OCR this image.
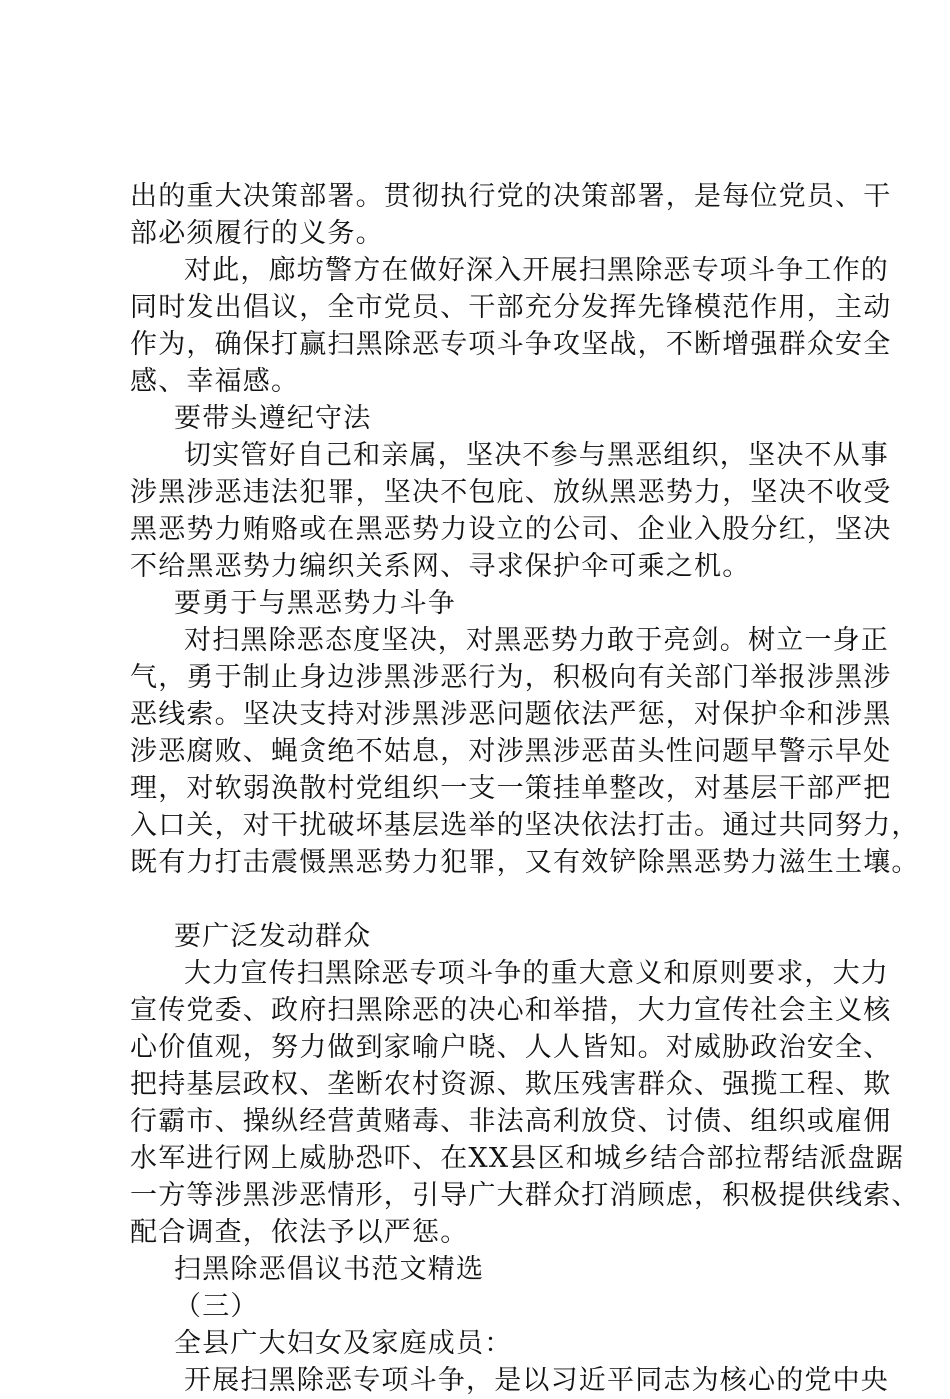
出的重大决策部署。贯彻执行党的决策部署，是每位党员、干
部必须履行的义务。
对此，廊坊警方在做好深入开展扫黑除恶专项斗争工作的
同时发出倡议，全市党员、干部充分发挥先锋模范作用，主动
作为，确保打赢扫黑除恶专项斗争攻坚战，不断增强群众安全
感、幸福感。
要带头遵纪守法
切实管好自己和亲属，坚决不参与黑恶组织，坚决不从事
涉黑涉恶违法犯罪，坚决不包庇、放纵黑恶势力，坚决不收受
黑恶势力贿赂或在黑恶势力设立的公司、企业入股分红，坚决
不给黑恶势力编织关系网、寻求保护伞可乘之机。
要勇于与黑恶势力斗争
对扫黑除恶态度坚决，对黑恶势力敢于亮剑。树立一身正
气，勇于制止身边涉黑涉恶行为，积极向有关部门举报涉黑涉
恶线索。坚决支持对涉黑涉恶问题依法严惩，对保护伞和涉黑
涉恶腐败、蝇贪绝不姑息，对涉黑涉恶苗头性问题早警示早处
理，对软弱涣散村党组织一支一策挂单整改，对基层干部严把
入口关，对干扰破坏基层选举的坚决依法打击。通过共同努力，
既有力打击震慑黑恶势力犯罪，又有效铲除黑恶势力滋生土壤。
要广泛发动群众
大力宣传扫黑除恶专项斗争的重大意义和原则要求，大力
宣传党委、政府扫黑除恶的决心和举措，大力宣传社会主义核
心价值观，努力做到家喻户晓、人人皆知。对威胁政治安全、
把持基层政权、垄断农村资源、欺压残害群众、强揽工程、欺
行霸市、操纵经营黄赌毒、非法高利放贷、讨债、组织或雇佣
水军进行网上威胁恐吓、在XX县区和城乡结合部拉帮结派盘踞
一方等涉黑涉恶情形，引导广大群众打消顾虑，积极提供线索、
配合调查，依法予以严惩。
扫黑除恶倡议书范文精选
（三）
全县广大妇女及家庭成员：
开展扫黑除恶专项斗争，是以习近平同志为核心的党中央
